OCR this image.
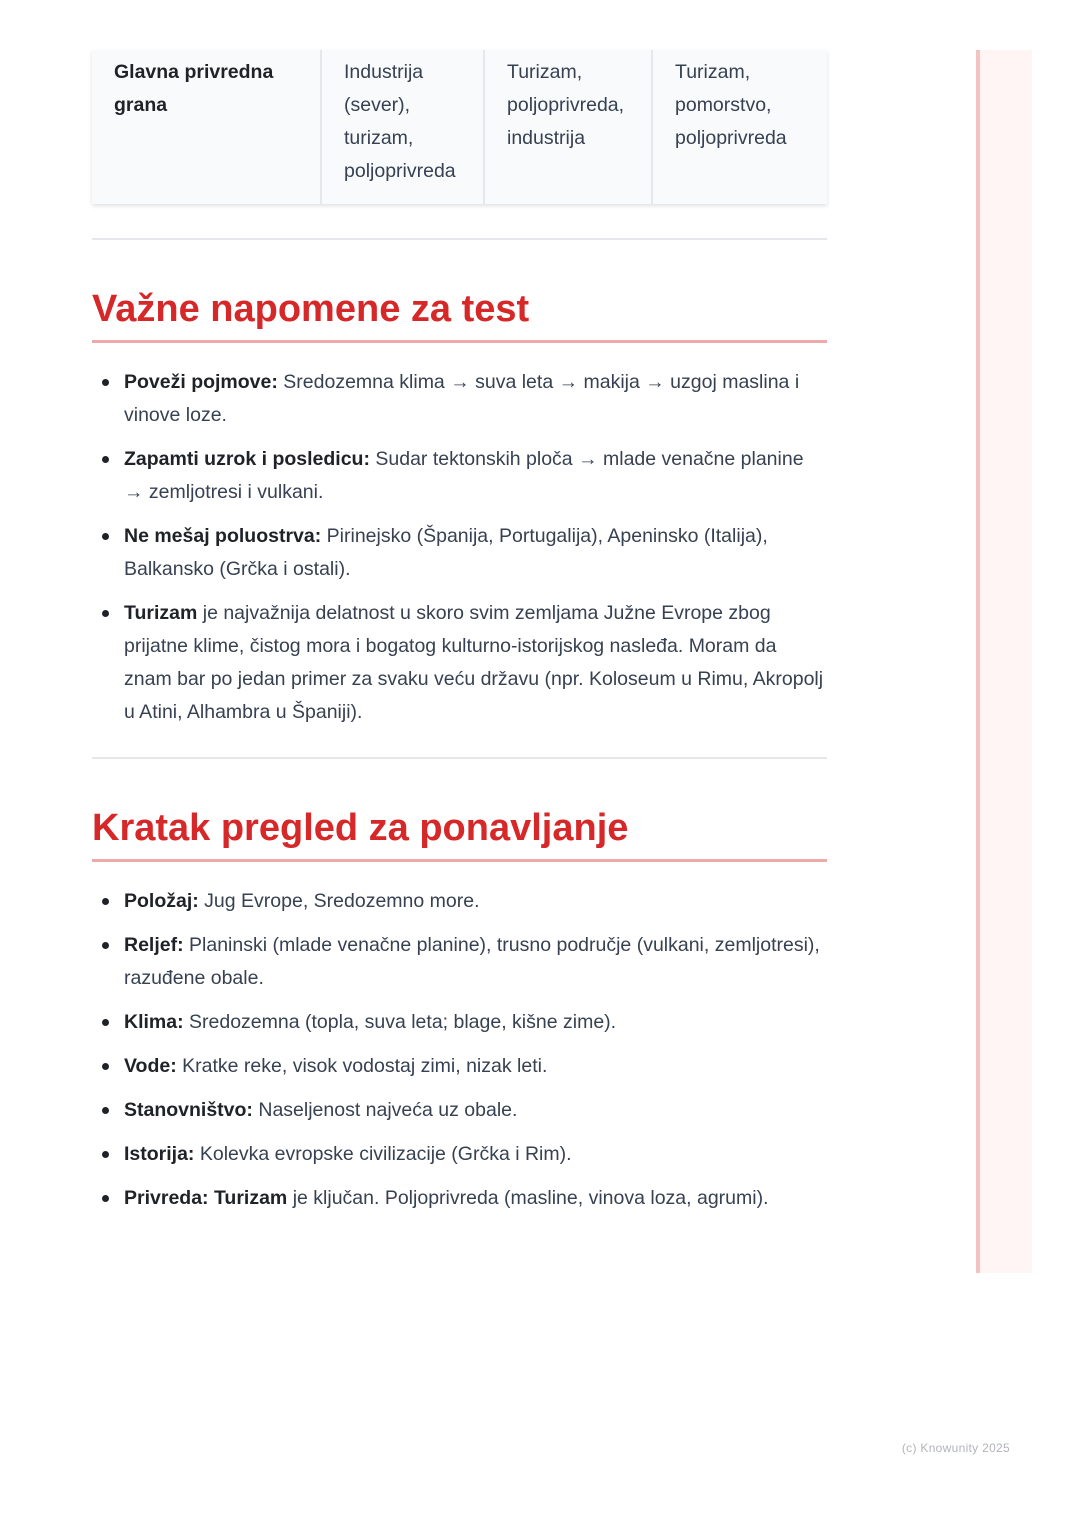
Glavna privredna grana	Industrija (sever), turizam, poljoprivreda	Turizam, poljoprivreda, industrija	Turizam, pomorstvo, poljoprivreda
Važne napomene za test
Poveži pojmove: Sredozemna klima → suva leta → makija → uzgoj maslina i vinove loze.
Zapamti uzrok i posledicu: Sudar tektonskih ploča → mlade venačne planine → zemljotresi i vulkani.
Ne mešaj poluostrva: Pirinejsko (Španija, Portugalija), Apeninsko (Italija), Balkansko (Grčka i ostali).
Turizam je najvažnija delatnost u skoro svim zemljama Južne Evrope zbog prijatne klime, čistog mora i bogatog kulturno-istorijskog nasleđa. Moram da znam bar po jedan primer za svaku veću državu (npr. Koloseum u Rimu, Akropolj u Atini, Alhambra u Španiji).
Kratak pregled za ponavljanje
Položaj: Jug Evrope, Sredozemno more.
Reljef: Planinski (mlade venačne planine), trusno područje (vulkani, zemljotresi), razuđene obale.
Klima: Sredozemna (topla, suva leta; blage, kišne zime).
Vode: Kratke reke, visok vodostaj zimi, nizak leti.
Stanovništvo: Naseljenost najveća uz obale.
Istorija: Kolevka evropske civilizacije (Grčka i Rim).
Privreda: Turizam je ključan. Poljoprivreda (masline, vinova loza, agrumi).
(c) Knowunity 2025
